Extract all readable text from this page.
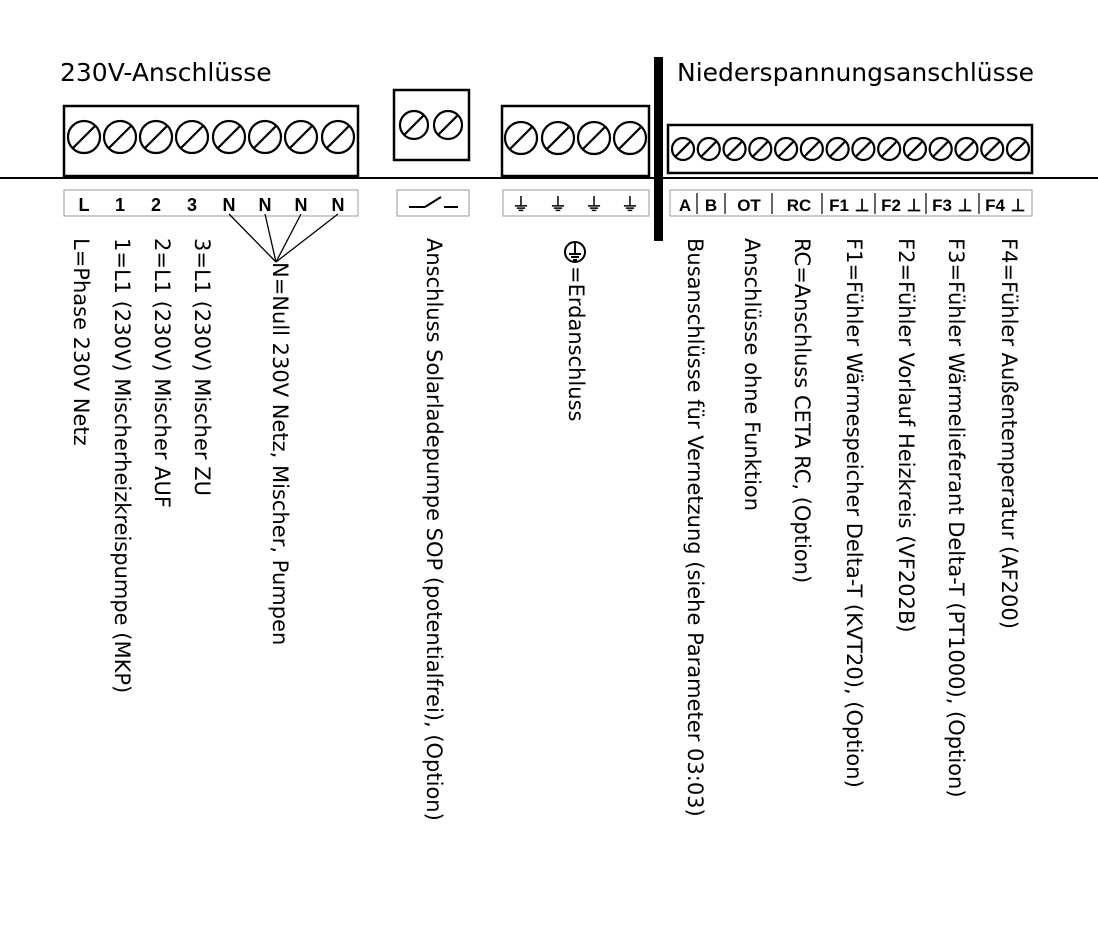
230V-Anschlüsse	Niederspannungsanschlüsse
L 1 2 3 N N N N	⏚ ⏚ ⏚ ⏚ A B OT RC F1 ⊥ F2 ⊥ F3 ⊥ F4 ⊥
L=Phase 230V Netz 1=L1 (230V) Mischerheizkreispumpe (MKP) 2=L1 (230V) Mischer AUF 3=L1 (230V) Mischer ZU	N=Null 230V Netz, Mischer, Pumpen	Anschluss Solarladepumpe SOP (potentialfrei), (Option)	=Erdanschluss	Busanschlüsse für Vernetzung (siehe Parameter 03:03) Anschlüsse ohne Funktion RC=Anschluss CETA RC, (Option) F1=Fühler Wärmespeicher Delta-T (KVT20), (Option) F2=Fühler Vorlauf Heizkreis (VF202B) F3=Fühler Wärmelieferant Delta-T (PT1000), (Option) F4=Fühler Außentemperatur (AF200)
